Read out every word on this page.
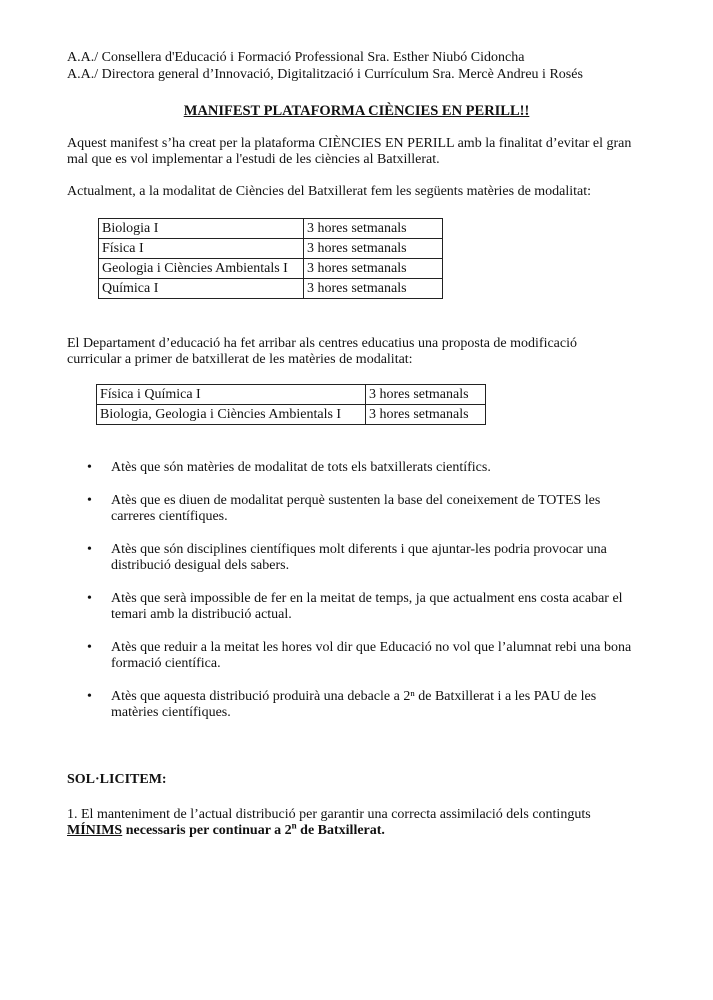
A.A./ Consellera d'Educació i Formació Professional Sra. Esther Niubó Cidoncha
A.A./ Directora general d’Innovació, Digitalització i Currículum Sra. Mercè Andreu i Rosés
MANIFEST PLATAFORMA CIÈNCIES EN PERILL!!
Aquest manifest s’ha creat per la plataforma CIÈNCIES EN PERILL amb la finalitat d’evitar el gran mal que es vol implementar a l'estudi de les ciències al Batxillerat.
Actualment, a la modalitat de Ciències del Batxillerat fem les següents matèries de modalitat:
Biologia I	3 hores setmanals
Física I	3 hores setmanals
Geologia i Ciències Ambientals I	3 hores setmanals
Química I	3 hores setmanals
El Departament d’educació ha fet arribar als centres educatius una proposta de modificació curricular a primer de batxillerat de les matèries de modalitat:
Física i Química I	3 hores setmanals
Biologia, Geologia i Ciències Ambientals I	3 hores setmanals
• Atès que són matèries de modalitat de tots els batxillerats científics.
• Atès que es diuen de modalitat perquè sustenten la base del coneixement de TOTES les carreres científiques.
• Atès que són disciplines científiques molt diferents i que ajuntar-les podria provocar una distribució desigual dels sabers.
• Atès que serà impossible de fer en la meitat de temps, ja que actualment ens costa acabar el temari amb la distribució actual.
• Atès que reduir a la meitat les hores vol dir que Educació no vol que l’alumnat rebi una bona formació científica.
• Atès que aquesta distribució produirà una debacle a 2ⁿ de Batxillerat i a les PAU de les matèries científiques.
SOL·LICITEM:
1. El manteniment de l’actual distribució per garantir una correcta assimilació dels continguts
MÍNIMS necessaris per continuar a 2$^n$ de Batxillerat.
